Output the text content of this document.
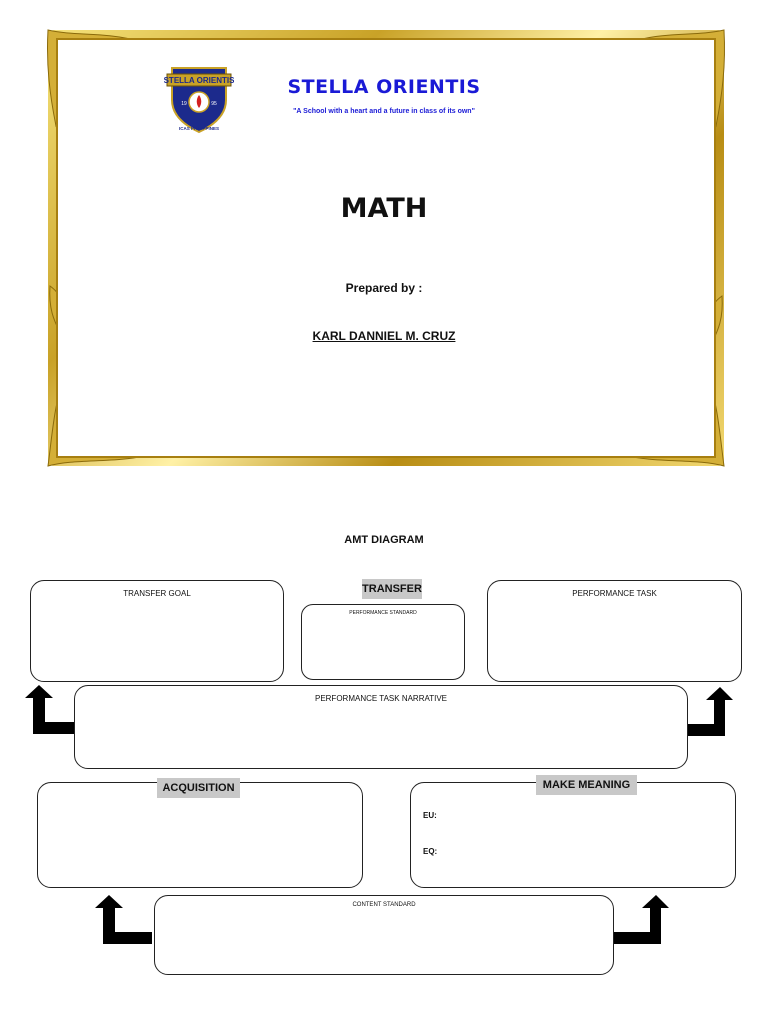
STELLA ORIENTIS
19	95
ICAS PHILIPPINES
STELLA ORIENTIS
"A School with a heart and a future in class of its own"
MATH
Prepared by :
KARL DANNIEL M. CRUZ
AMT DIAGRAM
TRANSFER GOAL	TRANSFER
PERFORMANCE STANDARD
PERFORMANCE TASK
PERFORMANCE TASK NARRATIVE
ACQUISITION
EU:
EQ:
MAKE MEANING
CONTENT STANDARD
